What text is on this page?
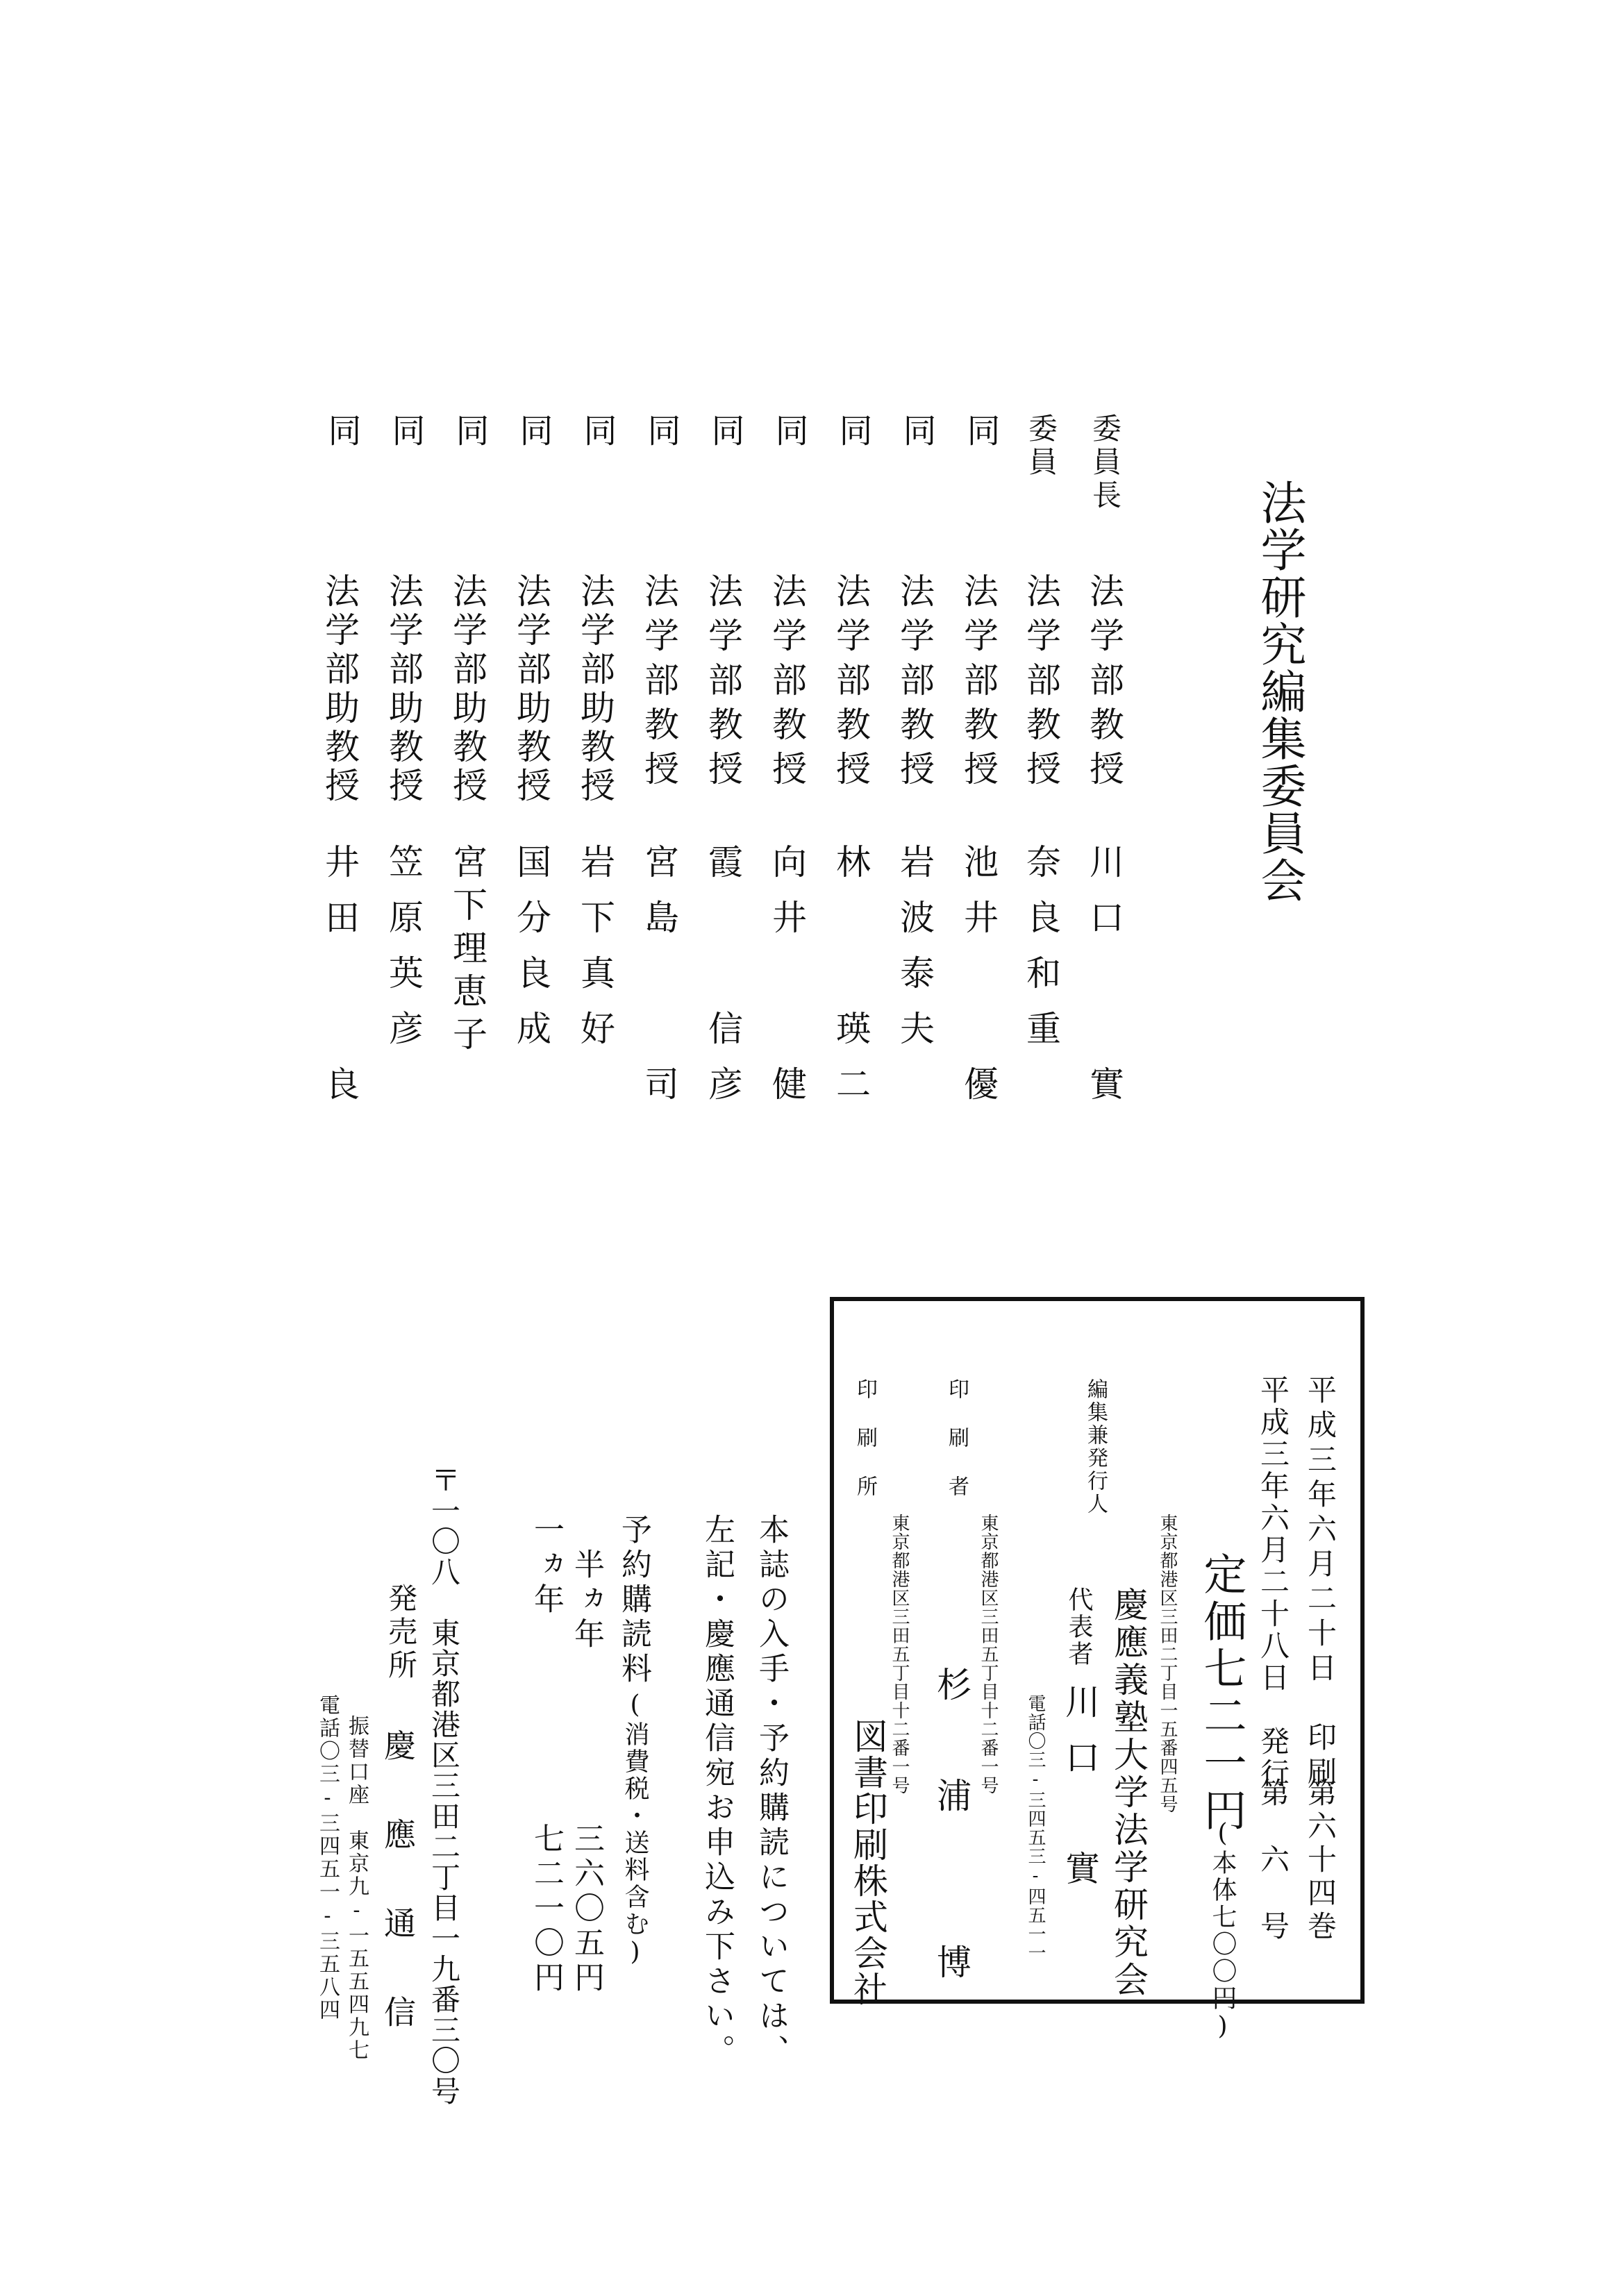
法学研究編集委員会
委員長
法学部教授
川口　　實
委員
法学部教授
奈良和重
同
法学部教授
池井　　優
同
法学部教授
岩波泰夫
同
法学部教授
林　　瑛二
同
法学部教授
向井　　健
同
法学部教授
霞　　信彦
同
法学部教授
宮島　　司
同
法学部助教授
岩下真好
同
法学部助教授
国分良成
同
法学部助教授
宮下理恵子
同
法学部助教授
笠原英彦
同
法学部助教授
井田　　良
平成三年六月二十日　印刷
第六十四巻
平成三年六月二十八日　発行
第　六　号
定価七二一円
(本体七〇〇円)
東京都港区三田二丁目一五番四五号
編集兼発行人
慶應義塾大学法学研究会
代表者
川口　實
電話〇三-三四五三-四五一一
東京都港区三田五丁目十二番一号
印刷者
杉　浦　　博
東京都港区三田五丁目十二番一号
印刷所
図書印刷株式会社
本誌の入手・予約購読については、
左記・慶應通信宛お申込み下さい。
予約購読料
(消費税・送料含む)
半ヵ年
三六〇五円
一ヵ年
七二一〇円
〒一〇八　東京都港区三田二丁目一九番三〇号
発売所
慶　應　通　信
振替口座　東京九-一五五四九七
電話〇三-三四五一-三五八四
